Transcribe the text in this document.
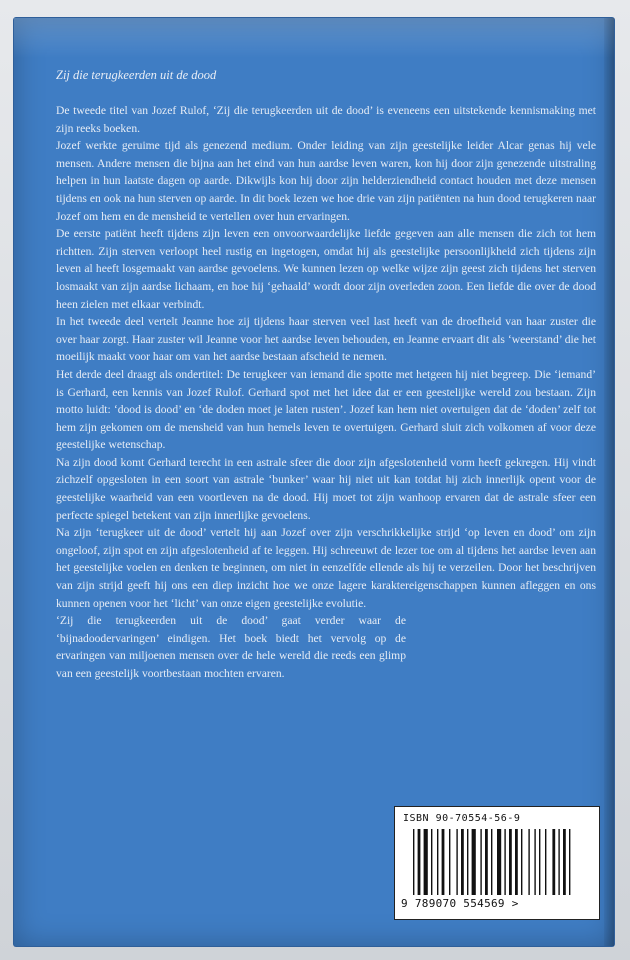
Zij die terugkeerden uit de dood

De tweede titel van Jozef Rulof, ‘Zij die terugkeerden uit de dood’ is eveneens een uitstekende kennismaking met zijn reeks boeken.

Jozef werkte geruime tijd als genezend medium. Onder leiding van zijn geestelijke leider Alcar genas hij vele mensen. Andere mensen die bijna aan het eind van hun aardse leven waren, kon hij door zijn genezende uitstraling helpen in hun laatste dagen op aarde. Dikwijls kon hij door zijn helderziendheid contact houden met deze mensen tijdens en ook na hun sterven op aarde. In dit boek lezen we hoe drie van zijn patiënten na hun dood terugkeren naar Jozef om hem en de mensheid te vertellen over hun ervaringen.

De eerste patiënt heeft tijdens zijn leven een onvoorwaardelijke liefde gegeven aan alle mensen die zich tot hem richtten. Zijn sterven verloopt heel rustig en ingetogen, omdat hij als geestelijke persoonlijkheid zich tijdens zijn leven al heeft losgemaakt van aardse gevoelens. We kunnen lezen op welke wijze zijn geest zich tijdens het sterven losmaakt van zijn aardse lichaam, en hoe hij ‘gehaald’ wordt door zijn overleden zoon. Een liefde die over de dood heen zielen met elkaar verbindt.

In het tweede deel vertelt Jeanne hoe zij tijdens haar sterven veel last heeft van de droefheid van haar zuster die over haar zorgt. Haar zuster wil Jeanne voor het aardse leven behouden, en Jeanne ervaart dit als ‘weerstand’ die het moeilijk maakt voor haar om van het aardse bestaan afscheid te nemen.

Het derde deel draagt als ondertitel: De terugkeer van iemand die spotte met hetgeen hij niet begreep. Die ‘iemand’ is Gerhard, een kennis van Jozef Rulof. Gerhard spot met het idee dat er een geestelijke wereld zou bestaan. Zijn motto luidt: ‘dood is dood’ en ‘de doden moet je laten rusten’. Jozef kan hem niet overtuigen dat de ‘doden’ zelf tot hem zijn gekomen om de mensheid van hun hemels leven te overtuigen. Gerhard sluit zich volkomen af voor deze geestelijke wetenschap.

Na zijn dood komt Gerhard terecht in een astrale sfeer die door zijn afgeslotenheid vorm heeft gekregen. Hij vindt zichzelf opgesloten in een soort van astrale ‘bunker’ waar hij niet uit kan totdat hij zich innerlijk opent voor de geestelijke waarheid van een voortleven na de dood. Hij moet tot zijn wanhoop ervaren dat de astrale sfeer een perfecte spiegel betekent van zijn innerlijke gevoelens.

Na zijn ‘terugkeer uit de dood’ vertelt hij aan Jozef over zijn verschrikkelijke strijd ‘op leven en dood’ om zijn ongeloof, zijn spot en zijn afgeslotenheid af te leggen. Hij schreeuwt de lezer toe om al tijdens het aardse leven aan het geestelijke voelen en denken te beginnen, om niet in eenzelfde ellende als hij te verzeilen. Door het beschrijven van zijn strijd geeft hij ons een diep inzicht hoe we onze lagere karaktereigenschappen kunnen afleggen en ons kunnen openen voor het ‘licht’ van onze eigen geestelijke evolutie.

‘Zij die terugkeerden uit de dood’ gaat verder waar de ‘bijnadoodervaringen’ eindigen. Het boek biedt het vervolg op de ervaringen van miljoenen mensen over de hele wereld die reeds een glimp van een geestelijk voortbestaan mochten ervaren.

ISBN 90-70554-56-9
9 789070 554569 >
